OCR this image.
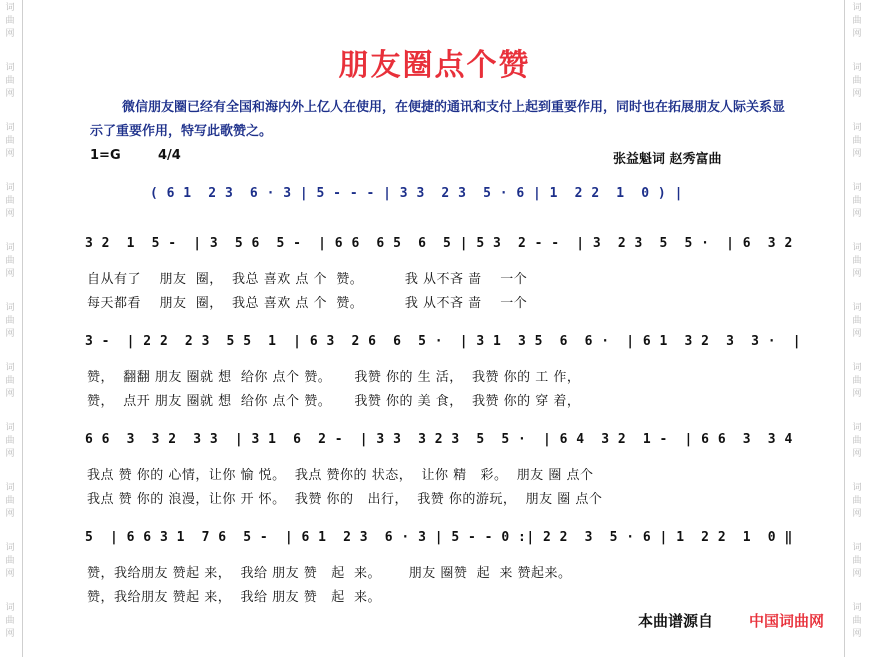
词曲网
词曲网
词曲网
词曲网
词曲网
词曲网
词曲网
词曲网
词曲网
词曲网
词曲网
词曲网
词曲网
词曲网
词曲网
词曲网
词曲网
词曲网
词曲网
词曲网
词曲网
词曲网
朋友圈点个赞
微信朋友圈已经有全国和海内外上亿人在使用，在便捷的通讯和支付上起到重要作用，同时也在拓展朋友人际关系显示了重要作用，特写此歌赞之。
1=G	4/4	张益魁词 赵秀富曲
( 6 1  2 3  6 · 3 | 5 - - - | 3 3  2 3  5 · 6 | 1  2 2  1  0 ) |
3 2  1  5 -  | 3  5 6  5 -  | 6 6  6 5  6  5 | 5 3  2 - -  | 3  2 3  5  5 ·  | 6  3 2
自从有了    朋友  圈，  我总 喜欢 点 个  赞。         我 从不吝 啬    一个
每天都看    朋友  圈，  我总 喜欢 点 个  赞。         我 从不吝 啬    一个
3 -  | 2 2  2 3  5 5  1  | 6 3  2 6  6  5 ·  | 3 1  3 5  6  6 ·  | 6 1  3 2  3  3 ·  |
赞，  翻翻 朋友 圈就 想  给你 点个 赞。     我赞 你的 生 活，  我赞 你的 工 作，
赞，  点开 朋友 圈就 想  给你 点个 赞。     我赞 你的 美 食，  我赞 你的 穿 着，
6 6  3  3 2  3 3  | 3 1  6  2 -  | 3 3  3 2 3  5  5 ·  | 6 4  3 2  1 -  | 6 6  3  3 4
我点 赞 你的 心情，让你 愉 悦。  我点 赞你的 状态，  让你 精   彩。  朋友 圈 点个
我点 赞 你的 浪漫，让你 开 怀。  我赞 你的   出行，  我赞 你的游玩，  朋友 圈 点个
5  | 6 6 3 1  7 6  5 -  | 6 1  2 3  6 · 3 | 5 - - 0 :| 2 2  3  5 · 6 | 1  2 2  1  0 ‖
赞，我给朋友 赞起 来，  我给 朋友 赞   起  来。      朋友 圈赞  起  来 赞起来。
赞，我给朋友 赞起 来，  我给 朋友 赞   起  来。
本曲谱源自 中国词曲网
